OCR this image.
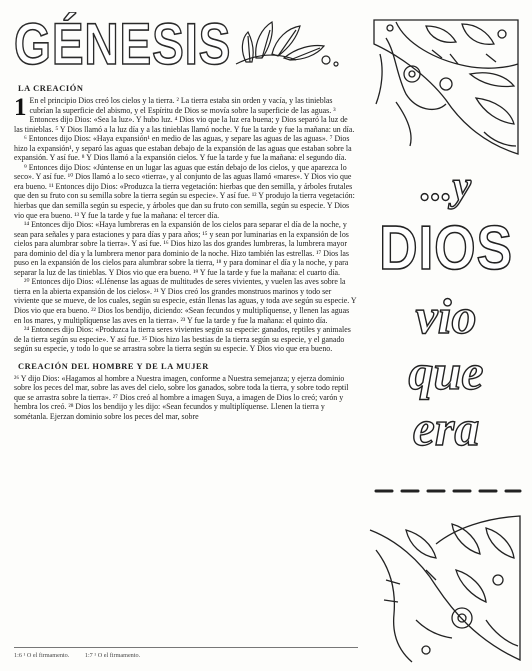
GÉNESIS

LA CREACIÓN

1 En el principio Dios creó los cielos y la tierra. ² La tierra estaba sin orden y vacía, y las tinieblas cubrían la superficie del abismo, y el Espíritu de Dios se movía sobre la superficie de las aguas. ³ Entonces dijo Dios: «Sea la luz». Y hubo luz. ⁴ Dios vio que la luz era buena; y Dios separó la luz de las tinieblas. ⁵ Y Dios llamó a la luz día y a las tinieblas llamó noche. Y fue la tarde y fue la mañana: un día.

⁶ Entonces dijo Dios: «Haya expansión¹ en medio de las aguas, y separe las aguas de las aguas». ⁷ Dios hizo la expansión¹, y separó las aguas que estaban debajo de la expansión de las aguas que estaban sobre la expansión. Y así fue. ⁸ Y Dios llamó a la expansión cielos. Y fue la tarde y fue la mañana: el segundo día.

⁹ Entonces dijo Dios: «Júntense en un lugar las aguas que están debajo de los cielos, y que aparezca lo seco». Y así fue. ¹⁰ Dios llamó a lo seco «tierra», y al conjunto de las aguas llamó «mares». Y Dios vio que era bueno. ¹¹ Entonces dijo Dios: «Produzca la tierra vegetación: hierbas que den semilla, y árboles frutales que den su fruto con su semilla sobre la tierra según su especie». Y así fue. ¹² Y produjo la tierra vegetación: hierbas que dan semilla según su especie, y árboles que dan su fruto con semilla, según su especie. Y Dios vio que era bueno. ¹³ Y fue la tarde y fue la mañana: el tercer día.

¹⁴ Entonces dijo Dios: «Haya lumbreras en la expansión de los cielos para separar el día de la noche, y sean para señales y para estaciones y para días y para años; ¹⁵ y sean por luminarias en la expansión de los cielos para alumbrar sobre la tierra». Y así fue. ¹⁶ Dios hizo las dos grandes lumbreras, la lumbrera mayor para dominio del día y la lumbrera menor para dominio de la noche. Hizo también las estrellas. ¹⁷ Dios las puso en la expansión de los cielos para alumbrar sobre la tierra, ¹⁸ y para dominar el día y la noche, y para separar la luz de las tinieblas. Y Dios vio que era bueno. ¹⁹ Y fue la tarde y fue la mañana: el cuarto día.

²⁰ Entonces dijo Dios: «Llénense las aguas de multitudes de seres vivientes, y vuelen las aves sobre la tierra en la abierta expansión de los cielos». ²¹ Y Dios creó los grandes monstruos marinos y todo ser viviente que se mueve, de los cuales, según su especie, están llenas las aguas, y toda ave según su especie. Y Dios vio que era bueno. ²² Dios los bendijo, diciendo: «Sean fecundos y multiplíquense, y llenen las aguas en los mares, y multiplíquense las aves en la tierra». ²³ Y fue la tarde y fue la mañana: el quinto día.

²⁴ Entonces dijo Dios: «Produzca la tierra seres vivientes según su especie: ganados, reptiles y animales de la tierra según su especie». Y así fue. ²⁵ Dios hizo las bestias de la tierra según su especie, y el ganado según su especie, y todo lo que se arrastra sobre la tierra según su especie. Y Dios vio que era bueno.

CREACIÓN DEL HOMBRE Y DE LA MUJER

²⁶ Y dijo Dios: «Hagamos al hombre a Nuestra imagen, conforme a Nuestra semejanza; y ejerza dominio sobre los peces del mar, sobre las aves del cielo, sobre los ganados, sobre toda la tierra, y sobre todo reptil que se arrastra sobre la tierra». ²⁷ Dios creó al hombre a imagen Suya, a imagen de Dios lo creó; varón y hembra los creó. ²⁸ Dios los bendijo y les dijo: «Sean fecundos y multiplíquense. Llenen la tierra y sométanla. Ejerzan dominio sobre los peces del mar, sobre

1:6 ¹ O el firmamento.	1:7 ¹ O el firmamento.

...y

DIOS

vio

que

era
